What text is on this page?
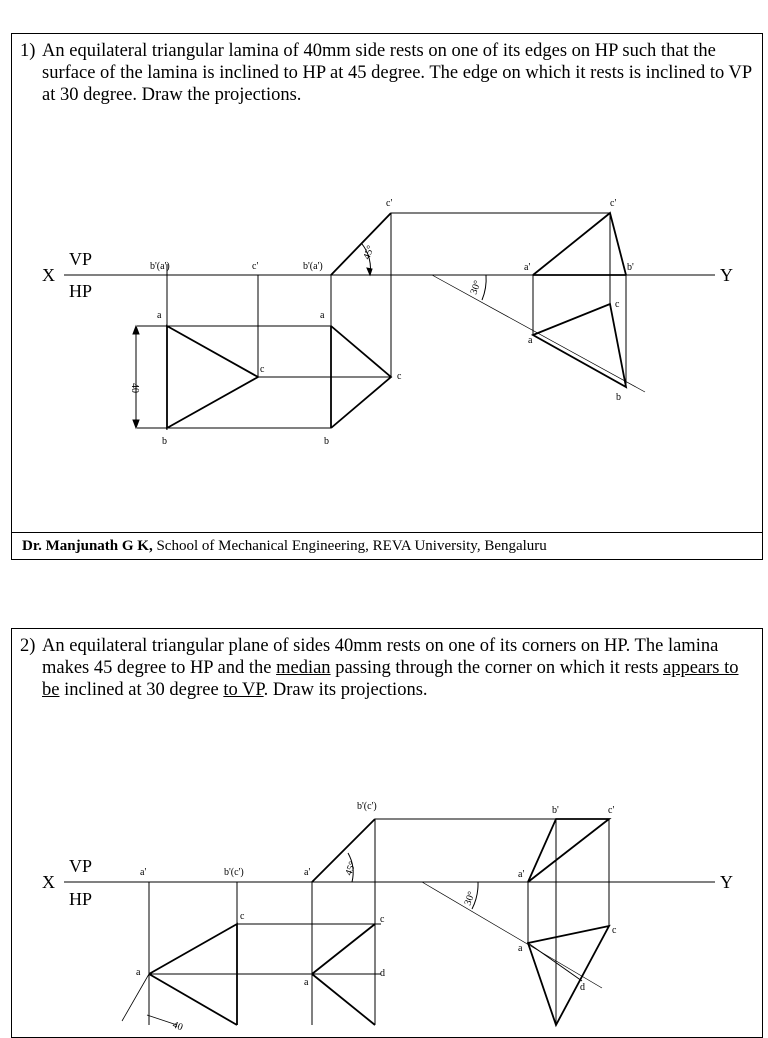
1) An equilateral triangular lamina of 40mm side rests on one of its edges on HP such that the surface of the lamina is inclined to HP at 45 degree. The edge on which it rests is inclined to VP at 30 degree. Draw the projections.
X
VP
HP
Y
b'(a')	c'	b'(a')
c'	c'
a'	b'
a
b
c
a
b
c
a
b
c
40
45°
30°
Dr. Manjunath G K, School of Mechanical Engineering, REVA University, Bengaluru
2) An equilateral triangular plane of sides 40mm rests on one of its corners on HP. The lamina makes 45 degree to HP and the median passing through the corner on which it rests appears to be inclined at 30 degree to VP. Draw its projections.
X
VP
HP
Y
a'	b'(c')	a'
b'(c')	b'	c'
a'
c
a
a
c
d
a
c
d
40
45°
30°
